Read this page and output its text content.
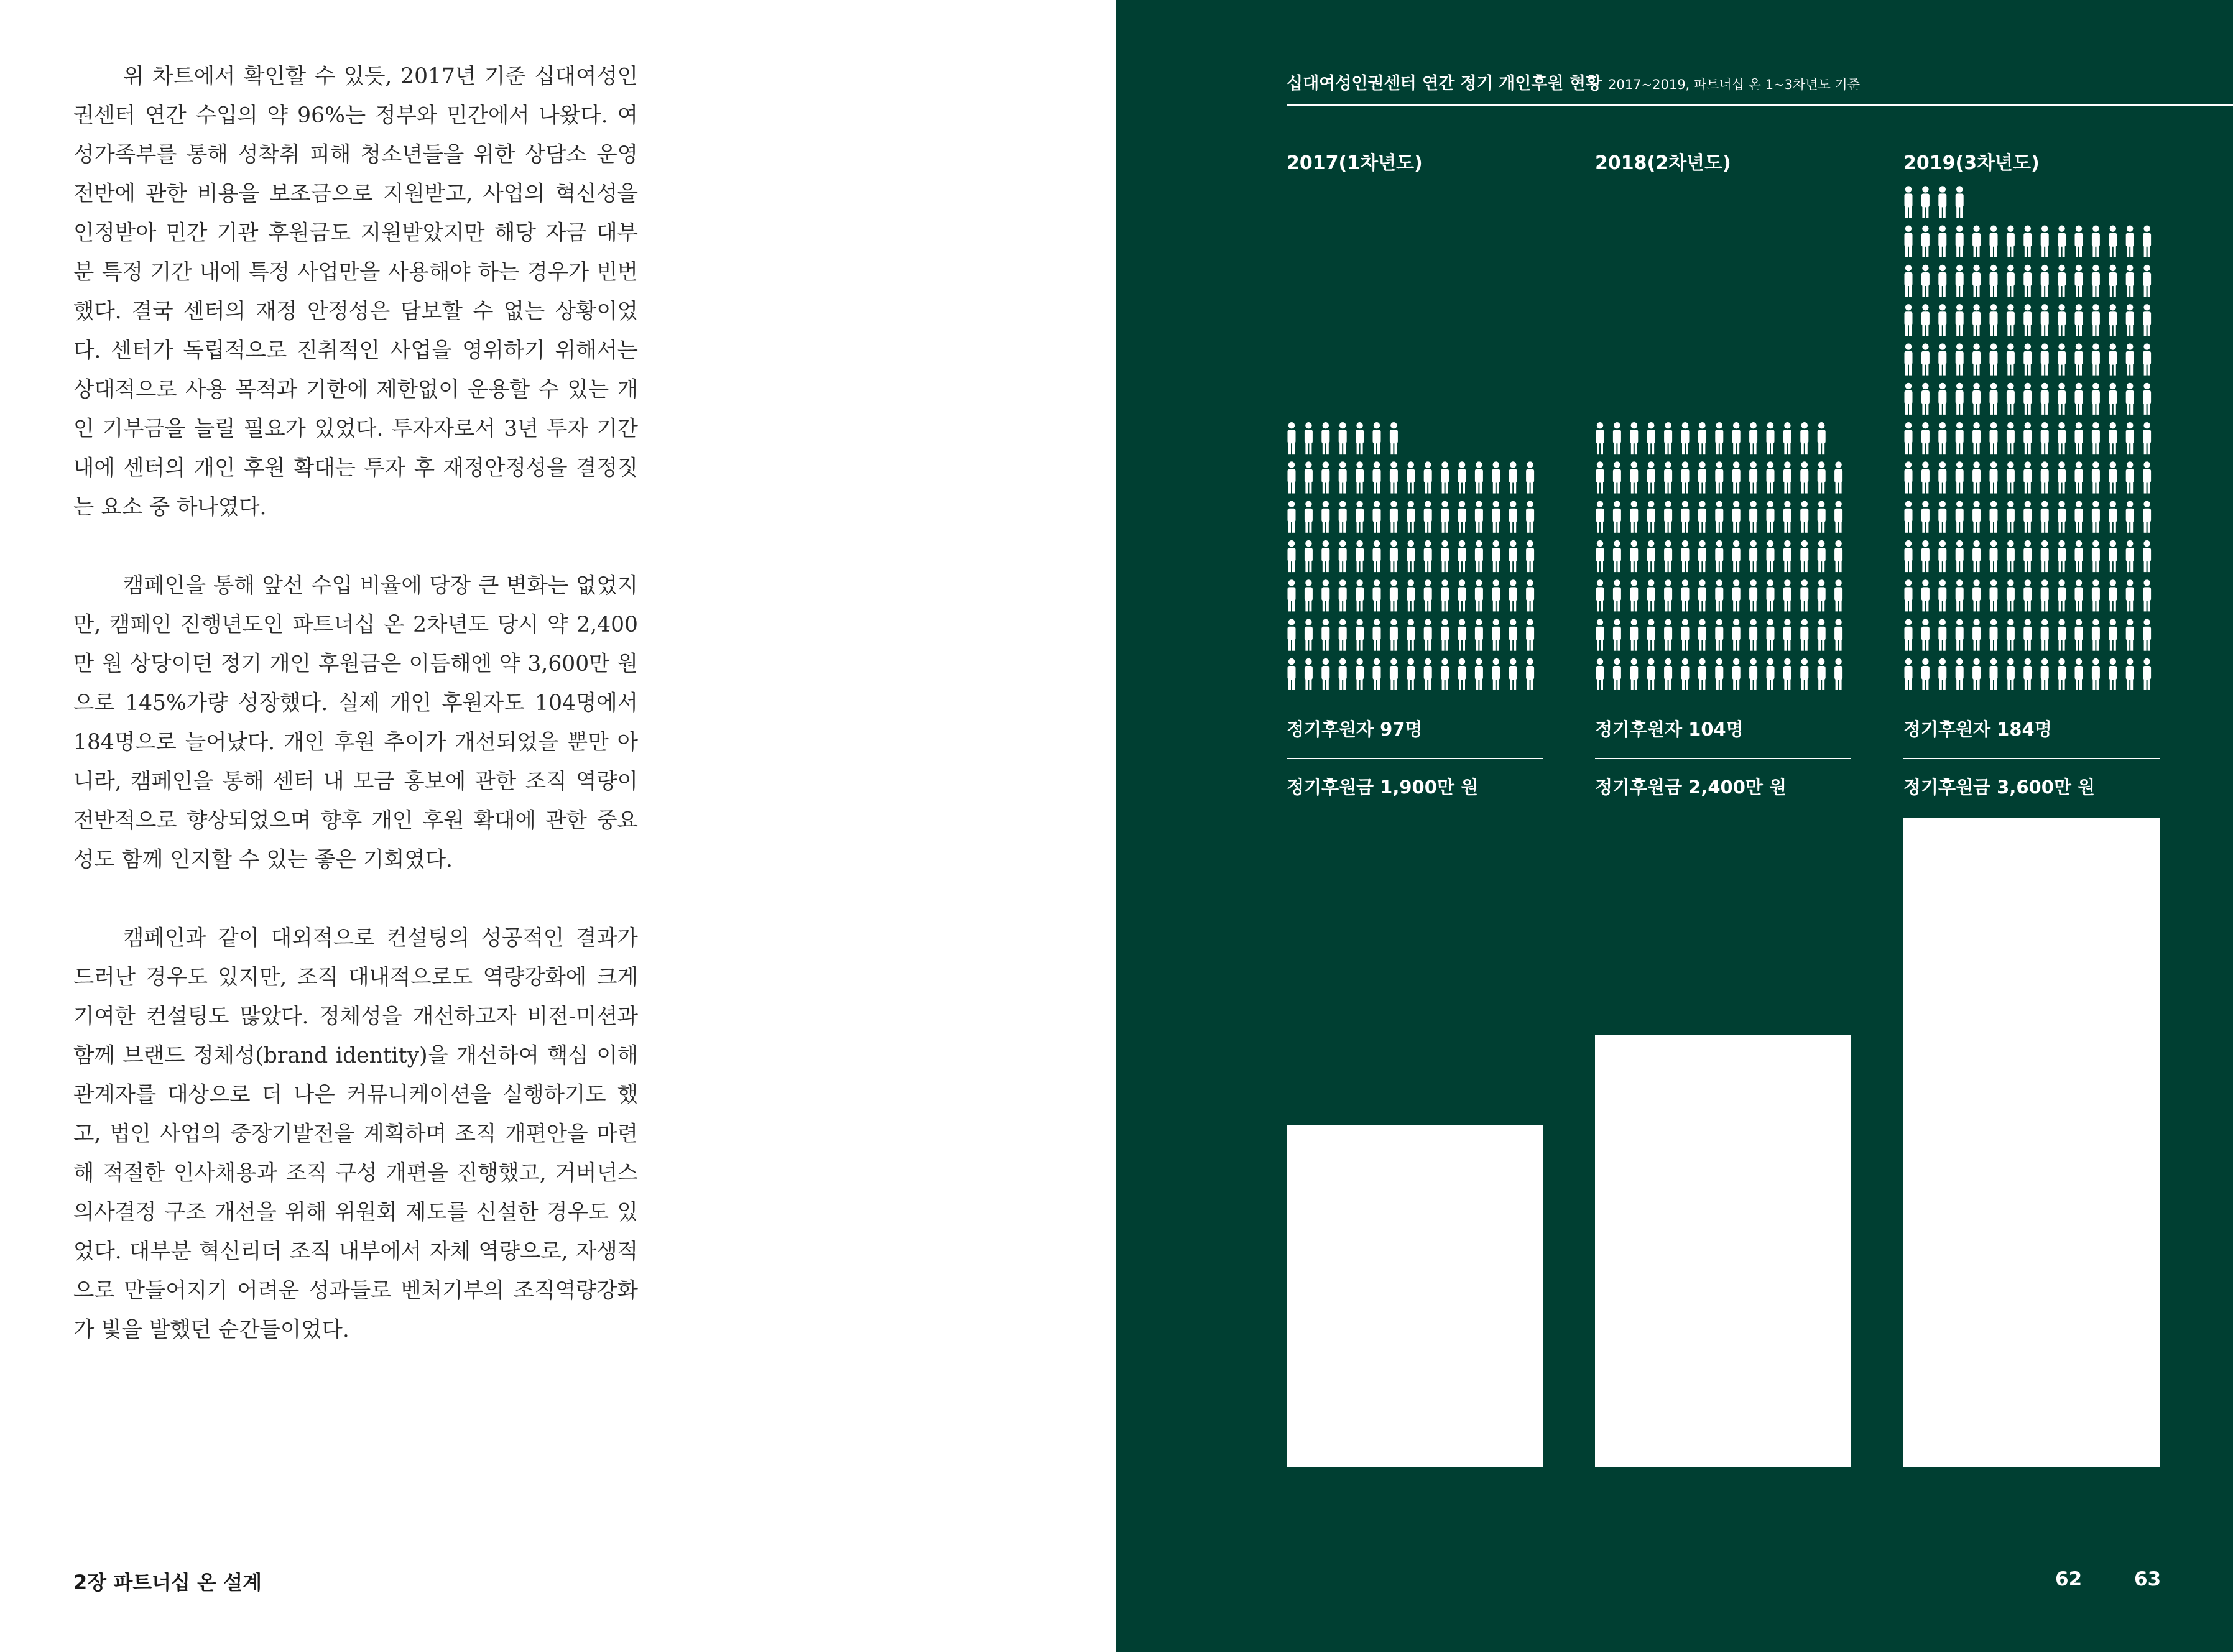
위 차트에서 확인할 수 있듯, 2017년 기준 십대여성인권센터 연간 수입의 약 96%는 정부와 민간에서 나왔다. 여성가족부를 통해 성착취 피해 청소년들을 위한 상담소 운영 전반에 관한 비용을 보조금으로 지원받고, 사업의 혁신성을 인정받아 민간 기관 후원금도 지원받았지만 해당 자금 대부분 특정 기간 내에 특정 사업만을 사용해야 하는 경우가 빈번했다. 결국 센터의 재정 안정성은 담보할 수 없는 상황이었다. 센터가 독립적으로 진취적인 사업을 영위하기 위해서는 상대적으로 사용 목적과 기한에 제한없이 운용할 수 있는 개인 기부금을 늘릴 필요가 있었다. 투자자로서 3년 투자 기간 내에 센터의 개인 후원 확대는 투자 후 재정안정성을 결정짓는 요소 중 하나였다.

캠페인을 통해 앞선 수입 비율에 당장 큰 변화는 없었지만, 캠페인 진행년도인 파트너십 온 2차년도 당시 약 2,400만 원 상당이던 정기 개인 후원금은 이듬해엔 약 3,600만 원으로 145%가량 성장했다. 실제 개인 후원자도 104명에서 184명으로 늘어났다. 개인 후원 추이가 개선되었을 뿐만 아니라, 캠페인을 통해 센터 내 모금 홍보에 관한 조직 역량이 전반적으로 향상되었으며 향후 개인 후원 확대에 관한 중요성도 함께 인지할 수 있는 좋은 기회였다.

캠페인과 같이 대외적으로 컨설팅의 성공적인 결과가 드러난 경우도 있지만, 조직 대내적으로도 역량강화에 크게 기여한 컨설팅도 많았다. 정체성을 개선하고자 비전-미션과 함께 브랜드 정체성(brand identity)을 개선하여 핵심 이해관계자를 대상으로 더 나은 커뮤니케이션을 실행하기도 했고, 법인 사업의 중장기발전을 계획하며 조직 개편안을 마련해 적절한 인사채용과 조직 구성 개편을 진행했고, 거버넌스 의사결정 구조 개선을 위해 위원회 제도를 신설한 경우도 있었다. 대부분 혁신리더 조직 내부에서 자체 역량으로, 자생적으로 만들어지기 어려운 성과들로 벤처기부의 조직역량강화가 빛을 발했던 순간들이었다.

2장 파트너십 온 설계
십대여성인권센터 연간 정기 개인후원 현황 2017~2019, 파트너십 온 1~3차년도 기준
2017(1차년도)
정기후원자 97명
정기후원금 1,900만 원
2018(2차년도)
정기후원자 104명
정기후원금 2,400만 원
2019(3차년도)
정기후원자 184명
정기후원금 3,600만 원
62	63
